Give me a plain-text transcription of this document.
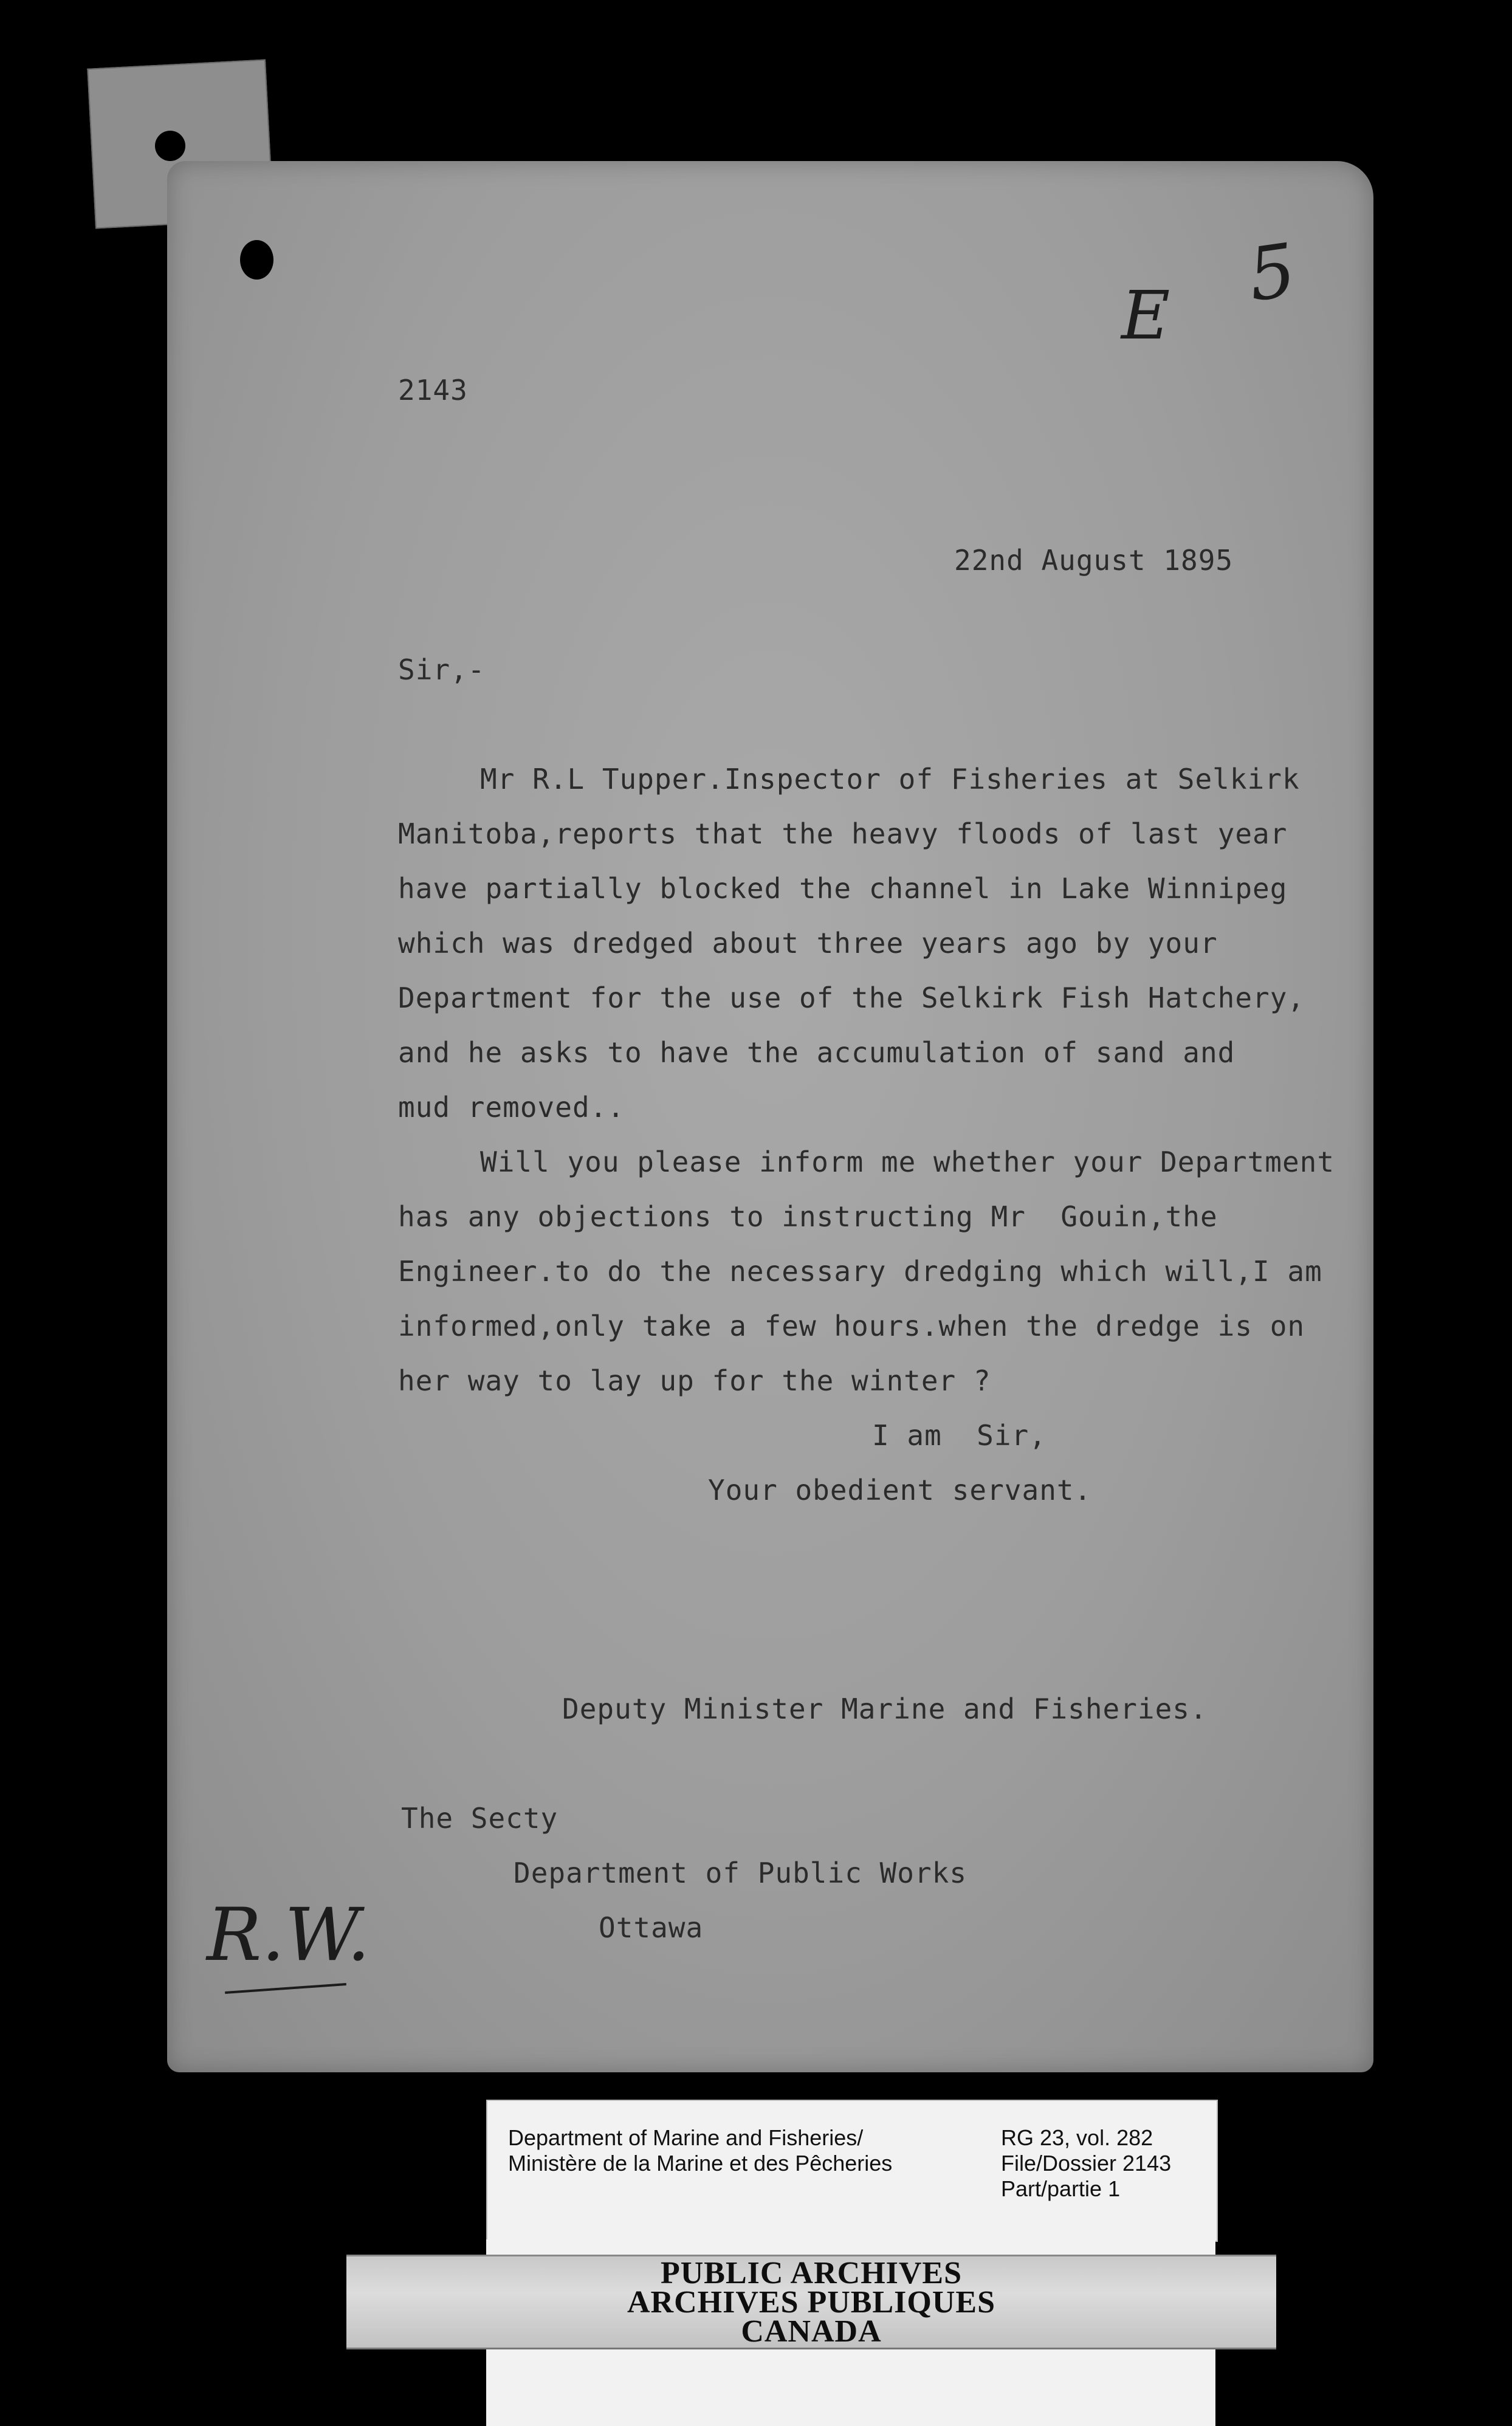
E 5
2143
22nd August 1895
Sir,-
Mr R.L Tupper.Inspector of Fisheries at Selkirk
Manitoba,reports that the heavy floods of last year
have partially blocked the channel in Lake Winnipeg
which was dredged about three years ago by your
Department for the use of the Selkirk Fish Hatchery,
and he asks to have the accumulation of sand and
mud removed..
Will you please inform me whether your Department
has any objections to instructing Mr  Gouin,the
Engineer.to do the necessary dredging which will,I am
informed,only take a few hours.when the dredge is on
her way to lay up for the winter ?
I am  Sir,
Your obedient servant.
Deputy Minister Marine and Fisheries.
The Secty
Department of Public Works
Ottawa
R.W.
Department of Marine and Fisheries/
Ministère de la Marine et des Pêcheries
RG 23, vol. 282
File/Dossier 2143
Part/partie 1
PUBLIC ARCHIVES
ARCHIVES PUBLIQUES
CANADA
